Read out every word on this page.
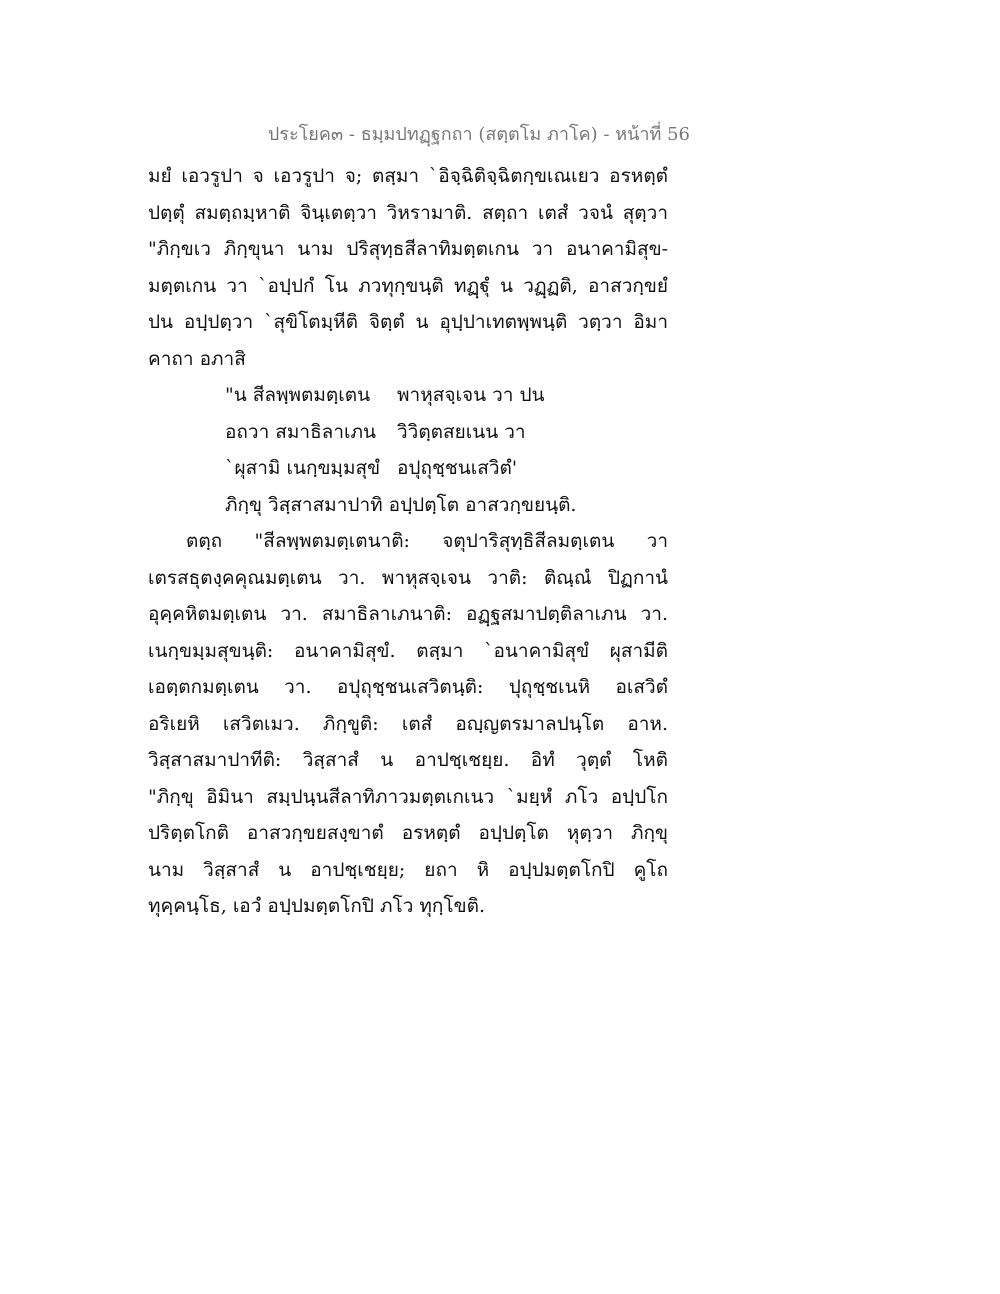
ประโยค๓ - ธมฺมปทฏฺฐกถา (สตฺตโม ภาโค) - หน้าที่ 56
มยํ เอวรูปา จ เอวรูปา จ; ตสฺมา `อิจฺฉิติจฺฉิตกฺขเณเยว อรหตฺตํ
ปตฺตุํ สมตฺถมฺหาติ จินฺเตตฺวา วิหรามาติ. สตฺถา เตสํ วจนํ สุตฺวา
"ภิกฺขเว ภิกฺขุนา นาม ปริสุทฺธสีลาทิมตฺตเกน วา อนาคามิสุข-
มตฺตเกน วา `อปฺปกํ โน ภวทุกฺขนฺติ ทฏฺฐุํ น วฏฺฏติ, อาสวกฺขยํ
ปน อปฺปตฺวา `สุขิโตมฺหีติ จิตฺตํ น อุปฺปาเทตพฺพนฺติ วตฺวา อิมา
คาถา อภาสิ
"น สีลพฺพตมตฺเตน	พาหุสจฺเจน วา ปน
อถวา สมาธิลาเภน	วิวิตฺตสยเนน วา
`ผุสามิ เนกฺขมฺมสุขํ อปุถุชฺชนเสวิตํ'
ภิกฺขุ วิสฺสาสมาปาทิ อปฺปตฺโต อาสวกฺขยนฺติ.
ตตฺถ "สีลพฺพตมตฺเตนาติ: จตุปาริสุทฺธิสีลมตฺเตน วา
เตรสธุตงฺคคุณมตฺเตน วา. พาหุสจฺเจน วาติ: ติณฺณํ ปิฏกานํ
อุคฺคหิตมตฺเตน วา. สมาธิลาเภนาติ: อฏฺฐสมาปตฺติลาเภน วา.
เนกฺขมฺมสุขนฺติ: อนาคามิสุขํ. ตสฺมา `อนาคามิสุขํ ผุสามีติ
เอตฺตกมตฺเตน วา. อปุถุชฺชนเสวิตนฺติ: ปุถุชฺชเนหิ อเสวิตํ
อริเยหิ เสวิตเมว. ภิกฺขูติ: เตสํ อญฺญตรมาลปนฺโต อาห.
วิสฺสาสมาปาทีติ: วิสฺสาสํ น อาปชฺเชยฺย. อิทํ วุตฺตํ โหติ
"ภิกฺขุ อิมินา สมฺปนฺนสีลาทิภาวมตฺตเกเนว `มยฺหํ ภโว อปฺปโก
ปริตฺตโกติ อาสวกฺขยสงฺขาตํ อรหตฺตํ อปฺปตฺโต หุตฺวา ภิกฺขุ
นาม วิสฺสาสํ น อาปชฺเชยฺย; ยถา หิ อปฺปมตฺตโกปิ คูโถ
ทุคฺคนฺโธ, เอวํ อปฺปมตฺตโกปิ ภโว ทุกฺโขติ.
